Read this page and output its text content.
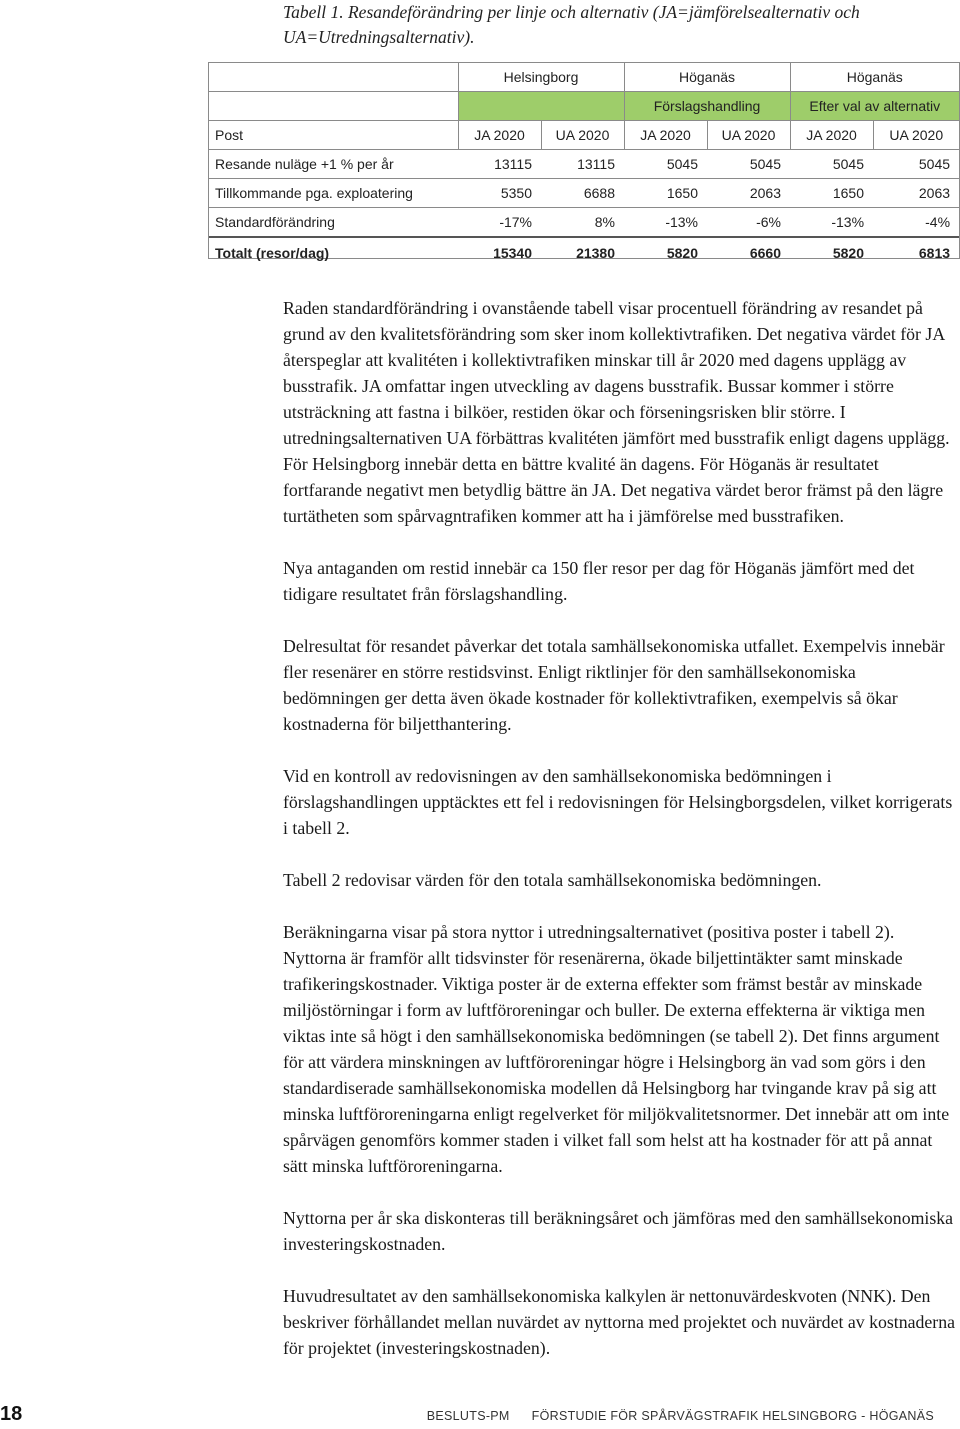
Tabell 1. Resandeförändring per linje och alternativ (JA=jämförelsealternativ och UA=Utredningsalternativ).
	Helsingborg		Höganäs		Höganäs	
			Förslagshandling		Efter val av alternativ	
Post	JA 2020	UA 2020	JA 2020	UA 2020	JA 2020	UA 2020
Resande nuläge +1 % per år	13115	13115	5045	5045	5045	5045
Tillkommande pga. exploatering	5350	6688	1650	2063	1650	2063
Standardförändring	-17%	8%	-13%	-6%	-13%	-4%
Totalt (resor/dag)	15340	21380	5820	6660	5820	6813

Raden standardförändring i ovanstående tabell visar procentuell förändring av resandet på grund av den kvalitetsförändring som sker inom kollektivtrafiken. Det negativa värdet för JA återspeglar att kvalitéten i kollektivtrafiken minskar till år 2020 med dagens upplägg av busstrafik. JA omfattar ingen utveckling av dagens busstrafik. Bussar kommer i större utsträckning att fastna i bilköer, restiden ökar och förseningsrisken blir större. I utredningsalternativen UA förbättras kvalitéten jämfört med busstrafik enligt dagens upplägg. För Helsingborg innebär detta en bättre kvalité än dagens. För Höganäs är resultatet fortfarande negativt men betydlig bättre än JA. Det negativa värdet beror främst på den lägre turtätheten som spårvagntrafiken kommer att ha i jämförelse med busstrafiken.

Nya antaganden om restid innebär ca 150 fler resor per dag för Höganäs jämfört med det tidigare resultatet från förslagshandling.

Delresultat för resandet påverkar det totala samhällsekonomiska utfallet. Exempelvis innebär fler resenärer en större restidsvinst. Enligt riktlinjer för den samhällsekonomiska bedömningen ger detta även ökade kostnader för kollektivtrafiken, exempelvis så ökar kostnaderna för biljetthantering.

Vid en kontroll av redovisningen av den samhällsekonomiska bedömningen i förslagshandlingen upptäcktes ett fel i redovisningen för Helsingborgsdelen, vilket korrigerats i tabell 2.

Tabell 2 redovisar värden för den totala samhällsekonomiska bedömningen.

Beräkningarna visar på stora nyttor i utredningsalternativet (positiva poster i tabell 2). Nyttorna är framför allt tidsvinster för resenärerna, ökade biljettintäkter samt minskade trafikeringskostnader. Viktiga poster är de externa effekter som främst består av minskade miljöstörningar i form av luftföroreningar och buller. De externa effekterna är viktiga men viktas inte så högt i den samhällsekonomiska bedömningen (se tabell 2). Det finns argument för att värdera minskningen av luftföroreningar högre i Helsingborg än vad som görs i den standardiserade samhällsekonomiska modellen då Helsingborg har tvingande krav på sig att minska luftföroreningarna enligt regelverket för miljökvalitetsnormer. Det innebär att om inte spårvägen genomförs kommer staden i vilket fall som helst att ha kostnader för att på annat sätt minska luftföroreningarna.

Nyttorna per år ska diskonteras till beräkningsåret och jämföras med den samhällsekonomiska investeringskostnaden.

Huvudresultatet av den samhällsekonomiska kalkylen är nettonuvärdeskvoten (NNK). Den beskriver förhållandet mellan nuvärdet av nyttorna med projektet och nuvärdet av kostnaderna för projektet (investeringskostnaden).

18	BESLUTS-PM FÖRSTUDIE FÖR SPÅRVÄGSTRAFIK HELSINGBORG - HÖGANÄS
